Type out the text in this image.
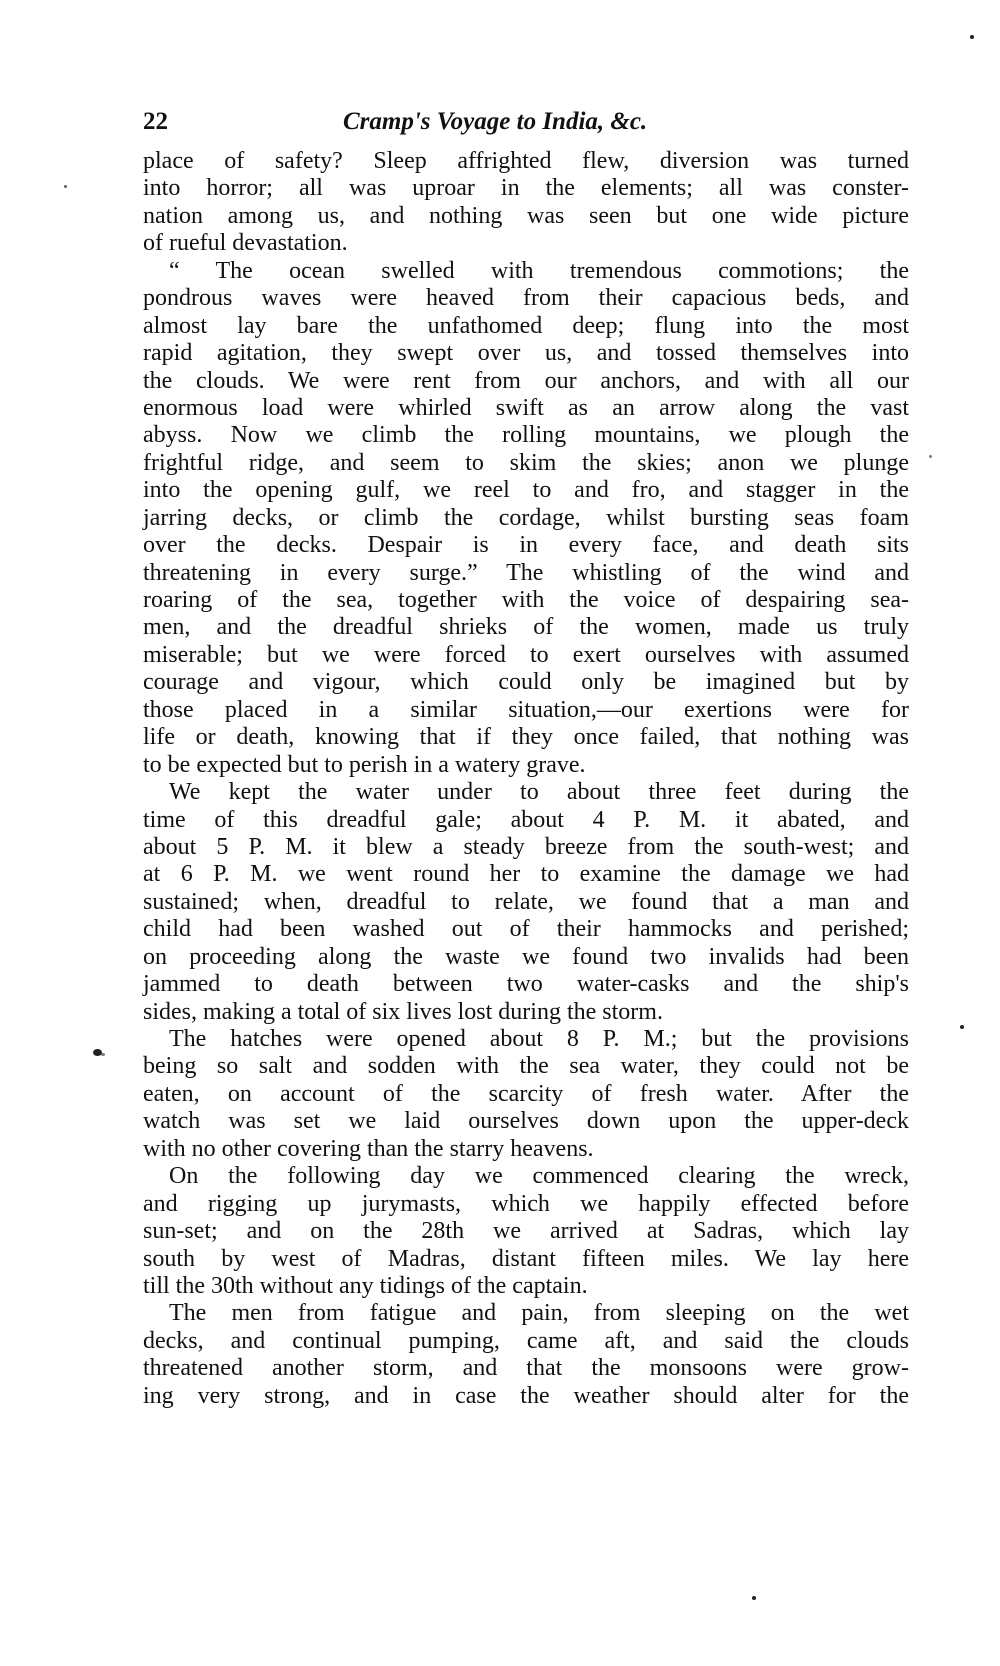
22	Cramp's Voyage to India, &c.
place of safety? Sleep affrighted flew, diversion was turned
into horror; all was uproar in the elements; all was conster-
nation among us, and nothing was seen but one wide picture
of rueful devastation.
“ The ocean swelled with tremendous commotions; the
pondrous waves were heaved from their capacious beds, and
almost lay bare the unfathomed deep; flung into the most
rapid agitation, they swept over us, and tossed themselves into
the clouds. We were rent from our anchors, and with all our
enormous load were whirled swift as an arrow along the vast
abyss. Now we climb the rolling mountains, we plough the
frightful ridge, and seem to skim the skies; anon we plunge
into the opening gulf, we reel to and fro, and stagger in the
jarring decks, or climb the cordage, whilst bursting seas foam
over the decks. Despair is in every face, and death sits
threatening in every surge.” The whistling of the wind and
roaring of the sea, together with the voice of despairing sea-
men, and the dreadful shrieks of the women, made us truly
miserable; but we were forced to exert ourselves with assumed
courage and vigour, which could only be imagined but by
those placed in a similar situation,—our exertions were for
life or death, knowing that if they once failed, that nothing was
to be expected but to perish in a watery grave.
We kept the water under to about three feet during the
time of this dreadful gale; about 4 P. M. it abated, and
about 5 P. M. it blew a steady breeze from the south-west; and
at 6 P. M. we went round her to examine the damage we had
sustained; when, dreadful to relate, we found that a man and
child had been washed out of their hammocks and perished;
on proceeding along the waste we found two invalids had been
jammed to death between two water-casks and the ship's
sides, making a total of six lives lost during the storm.
The hatches were opened about 8 P. M.; but the provisions
being so salt and sodden with the sea water, they could not be
eaten, on account of the scarcity of fresh water. After the
watch was set we laid ourselves down upon the upper-deck
with no other covering than the starry heavens.
On the following day we commenced clearing the wreck,
and rigging up jurymasts, which we happily effected before
sun-set; and on the 28th we arrived at Sadras, which lay
south by west of Madras, distant fifteen miles. We lay here
till the 30th without any tidings of the captain.
The men from fatigue and pain, from sleeping on the wet
decks, and continual pumping, came aft, and said the clouds
threatened another storm, and that the monsoons were grow-
ing very strong, and in case the weather should alter for the
